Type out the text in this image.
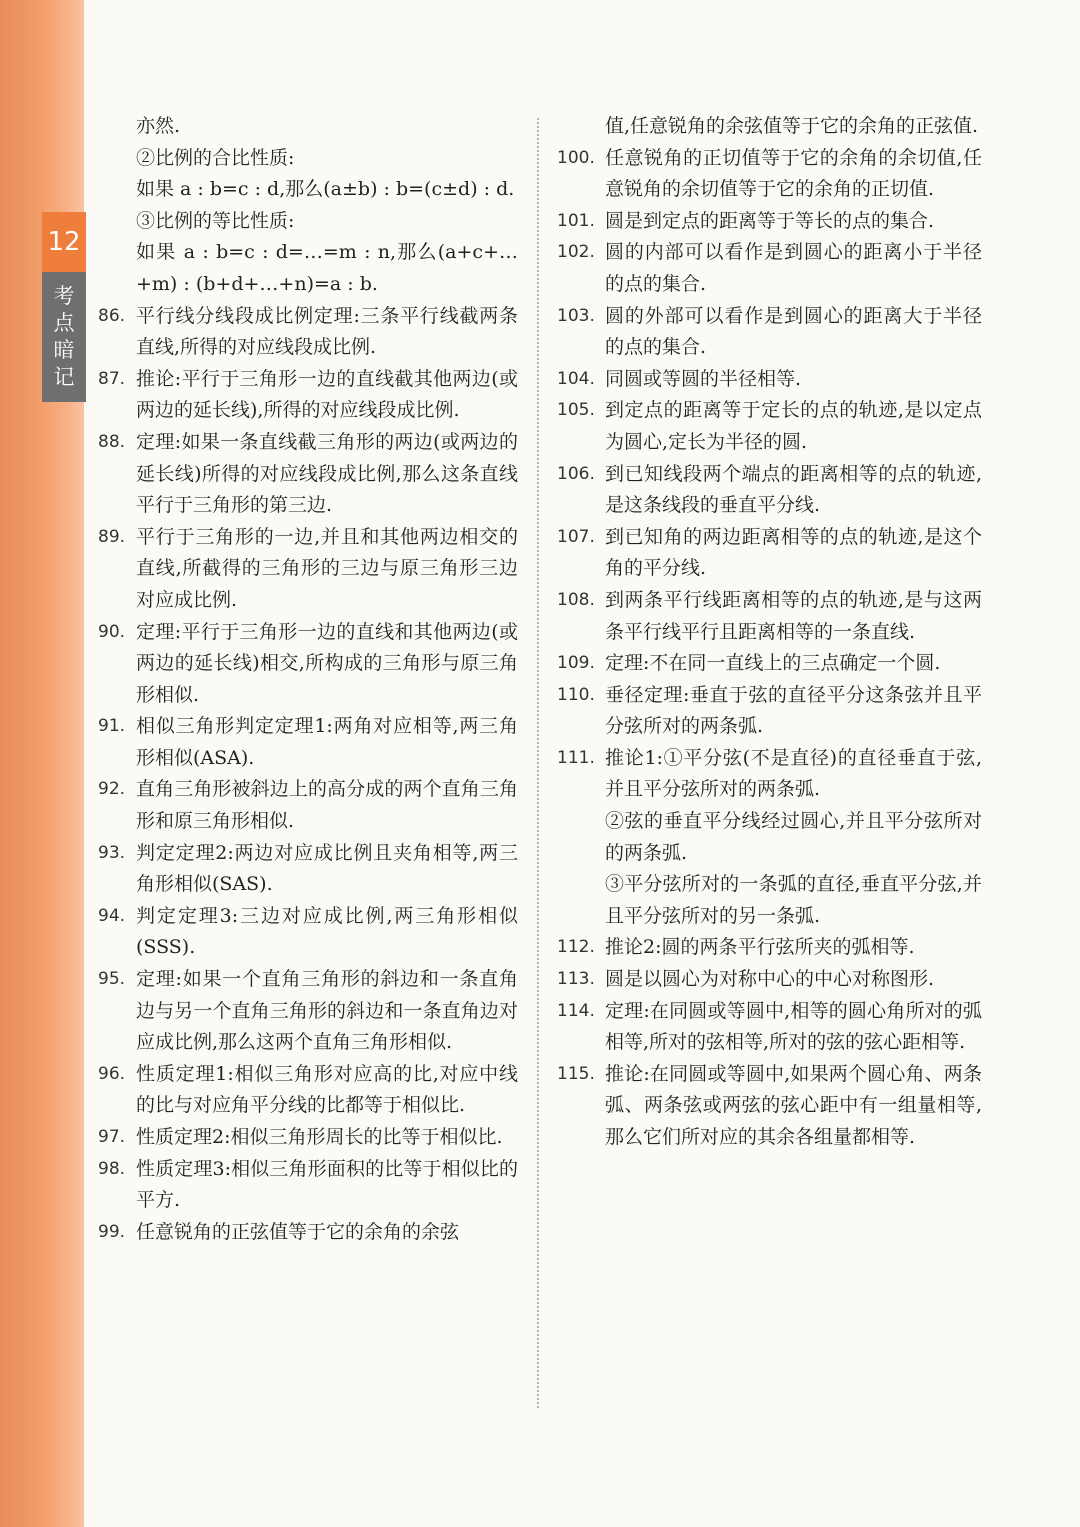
12
考
点
暗
记
亦然.
②比例的合比性质:
如果 a : b=c : d,那么(a±b) : b=(c±d) : d.
③比例的等比性质:
如果 a : b=c : d=…=m : n,那么(a+c+…+m) : (b+d+…+n)=a : b.
86. 平行线分线段成比例定理:三条平行线截两条直线,所得的对应线段成比例.
87. 推论:平行于三角形一边的直线截其他两边(或两边的延长线),所得的对应线段成比例.
88. 定理:如果一条直线截三角形的两边(或两边的延长线)所得的对应线段成比例,那么这条直线平行于三角形的第三边.
89. 平行于三角形的一边,并且和其他两边相交的直线,所截得的三角形的三边与原三角形三边对应成比例.
90. 定理:平行于三角形一边的直线和其他两边(或两边的延长线)相交,所构成的三角形与原三角形相似.
91. 相似三角形判定定理1:两角对应相等,两三角形相似(ASA).
92. 直角三角形被斜边上的高分成的两个直角三角形和原三角形相似.
93. 判定定理2:两边对应成比例且夹角相等,两三角形相似(SAS).
94. 判定定理3:三边对应成比例,两三角形相似(SSS).
95. 定理:如果一个直角三角形的斜边和一条直角边与另一个直角三角形的斜边和一条直角边对应成比例,那么这两个直角三角形相似.
96. 性质定理1:相似三角形对应高的比,对应中线的比与对应角平分线的比都等于相似比.
97. 性质定理2:相似三角形周长的比等于相似比.
98. 性质定理3:相似三角形面积的比等于相似比的平方.
99. 任意锐角的正弦值等于它的余角的余弦
值,任意锐角的余弦值等于它的余角的正弦值.
100. 任意锐角的正切值等于它的余角的余切值,任意锐角的余切值等于它的余角的正切值.
101. 圆是到定点的距离等于等长的点的集合.
102. 圆的内部可以看作是到圆心的距离小于半径的点的集合.
103. 圆的外部可以看作是到圆心的距离大于半径的点的集合.
104. 同圆或等圆的半径相等.
105. 到定点的距离等于定长的点的轨迹,是以定点为圆心,定长为半径的圆.
106. 到已知线段两个端点的距离相等的点的轨迹,是这条线段的垂直平分线.
107. 到已知角的两边距离相等的点的轨迹,是这个角的平分线.
108. 到两条平行线距离相等的点的轨迹,是与这两条平行线平行且距离相等的一条直线.
109. 定理:不在同一直线上的三点确定一个圆.
110. 垂径定理:垂直于弦的直径平分这条弦并且平分弦所对的两条弧.
111. 推论1:①平分弦(不是直径)的直径垂直于弦,并且平分弦所对的两条弧.
②弦的垂直平分线经过圆心,并且平分弦所对的两条弧.
③平分弦所对的一条弧的直径,垂直平分弦,并且平分弦所对的另一条弧.
112. 推论2:圆的两条平行弦所夹的弧相等.
113. 圆是以圆心为对称中心的中心对称图形.
114. 定理:在同圆或等圆中,相等的圆心角所对的弧相等,所对的弦相等,所对的弦的弦心距相等.
115. 推论:在同圆或等圆中,如果两个圆心角、两条弧、两条弦或两弦的弦心距中有一组量相等,那么它们所对应的其余各组量都相等.
